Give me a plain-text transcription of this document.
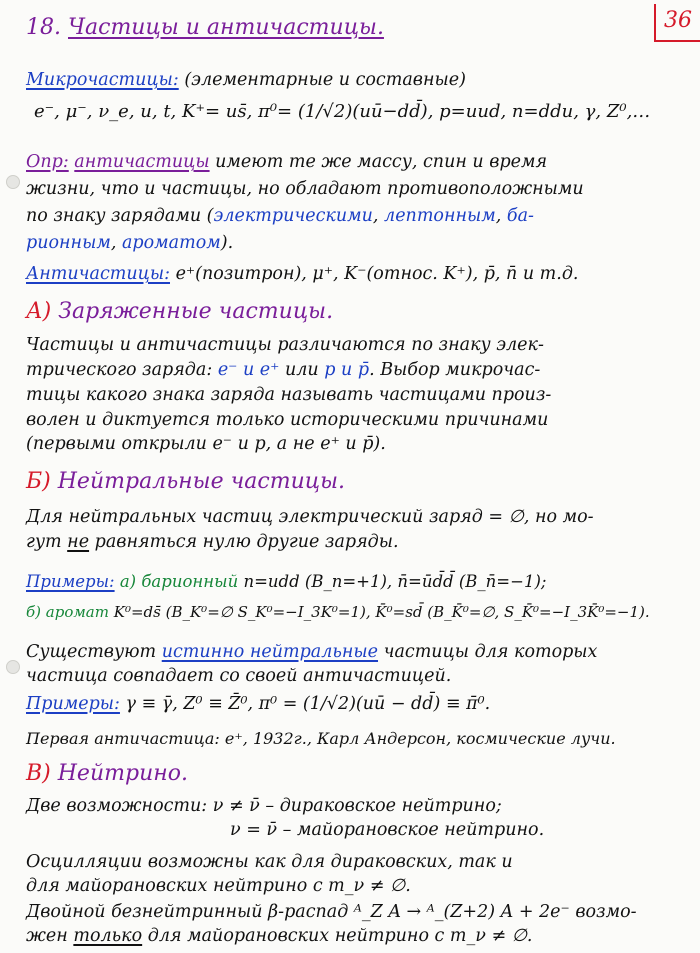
36
18. Частицы и античастицы.
Микрочастицы: (элементарные и составные)
e⁻, μ⁻, ν_e, u, t, K⁺= us̄, π⁰= (1/√2)(uū−dd̄), p=uud, n=ddu, γ, Z⁰,…
Опр: античастицы имеют те же массу, спин и время
жизни, что и частицы, но обладают противоположными
по знаку зарядами (электрическими, лептонным, ба-
рионным, ароматом).
Античастицы: e⁺(позитрон), μ⁺, K⁻(относ. K⁺), p̄, n̄ и т.д.
А) Заряженные частицы.
Частицы и античастицы различаются по знаку элек-
трического заряда: e⁻ и e⁺ или p и p̄. Выбор микрочас-
тицы какого знака заряда называть частицами произ-
волен и диктуется только историческими причинами
(первыми открыли e⁻ и p, а не e⁺ и p̄).
Б) Нейтральные частицы.
Для нейтральных частиц электрический заряд = ∅, но мо-
гут не равняться нулю другие заряды.
Примеры: а) барионный n=udd (B_n=+1), n̄=ūd̄d̄ (B_n̄=−1);
б) аромат K⁰=ds̄ (B_K⁰=∅ S_K⁰=−I_3K⁰=1), K̄⁰=sd̄ (B_K̄⁰=∅, S_K̄⁰=−I_3K̄⁰=−1).
Существуют истинно нейтральные частицы для которых
частица совпадает со своей античастицей.
Примеры: γ ≡ γ̄, Z⁰ ≡ Z̄⁰, π⁰ = (1/√2)(uū − dd̄) ≡ π̄⁰.
Первая античастица: e⁺, 1932г., Карл Андерсон, космические лучи.
В) Нейтрино.
Две возможности: ν ≠ ν̄ – дираковское нейтрино;
ν = ν̄ – майорановское нейтрино.
Осцилляции возможны как для дираковских, так и
для майорановских нейтрино с m_ν ≠ ∅.
Двойной безнейтринный β-распад ᴬ_Z A → ᴬ_(Z+2) A + 2e⁻ возмо-
жен только для майорановских нейтрино с m_ν ≠ ∅.
